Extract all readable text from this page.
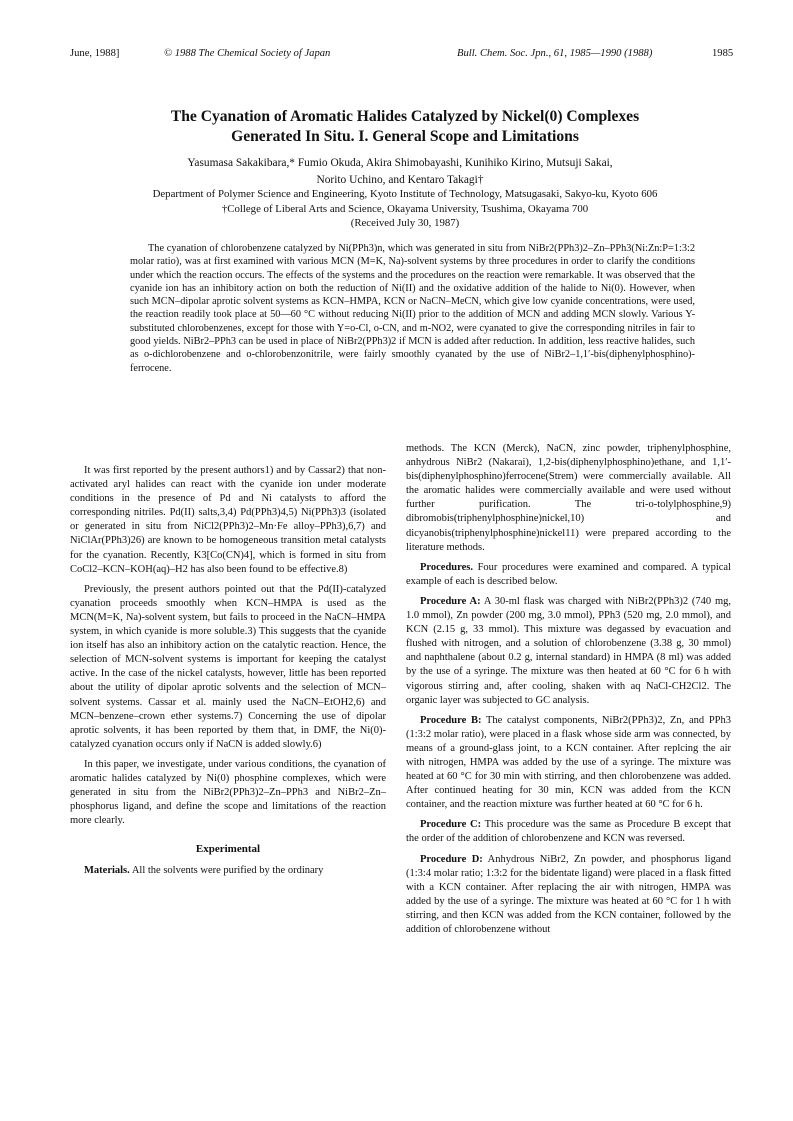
June, 1988]	© 1988 The Chemical Society of Japan	Bull. Chem. Soc. Jpn., 61, 1985—1990 (1988)	1985
The Cyanation of Aromatic Halides Catalyzed by Nickel(0) Complexes
Generated In Situ. I. General Scope and Limitations
Yasumasa Sakakibara,* Fumio Okuda, Akira Shimobayashi, Kunihiko Kirino, Mutsuji Sakai,
Norito Uchino, and Kentaro Takagi†
Department of Polymer Science and Engineering, Kyoto Institute of Technology, Matsugasaki, Sakyo-ku, Kyoto 606
†College of Liberal Arts and Science, Okayama University, Tsushima, Okayama 700
(Received July 30, 1987)

The cyanation of chlorobenzene catalyzed by Ni(PPh3)n, which was generated in situ from NiBr2(PPh3)2–Zn–PPh3(Ni:Zn:P=1:3:2 molar ratio), was at first examined with various MCN (M=K, Na)-solvent systems by three procedures in order to clarify the conditions under which the reaction occurs. The effects of the systems and the procedures on the reaction were remarkable. It was observed that the cyanide ion has an inhibitory action on both the reduction of Ni(II) and the oxidative addition of the halide to Ni(0). However, when such MCN–dipolar aprotic solvent systems as KCN–HMPA, KCN or NaCN–MeCN, which give low cyanide concentrations, were used, the reaction readily took place at 50—60 °C without reducing Ni(II) prior to the addition of MCN and adding MCN slowly. Various Y-substituted chlorobenzenes, except for those with Y=o-Cl, o-CN, and m-NO2, were cyanated to give the corresponding nitriles in fair to good yields. NiBr2–PPh3 can be used in place of NiBr2(PPh3)2 if MCN is added after reduction. In addition, less reactive halides, such as o-dichlorobenzene and o-chlorobenzonitrile, were fairly smoothly cyanated by the use of NiBr2–1,1′-bis(diphenylphosphino)-ferrocene.

It was first reported by the present authors1) and by Cassar2) that non-activated aryl halides can react with the cyanide ion under moderate conditions in the presence of Pd and Ni catalysts to afford the corresponding nitriles. Pd(II) salts,3,4) Pd(PPh3)4,5) Ni(PPh3)3 (isolated or generated in situ from NiCl2(PPh3)2–Mn·Fe alloy–PPh3),6,7) and NiClAr(PPh3)26) are known to be homogeneous transition metal catalysts for the cyanation. Recently, K3[Co(CN)4], which is formed in situ from CoCl2–KCN–KOH(aq)–H2 has also been found to be effective.8)

Previously, the present authors pointed out that the Pd(II)-catalyzed cyanation proceeds smoothly when KCN–HMPA is used as the MCN(M=K, Na)-solvent system, but fails to proceed in the NaCN–HMPA system, in which cyanide is more soluble.3) This suggests that the cyanide ion itself has also an inhibitory action on the catalytic reaction. Hence, the selection of MCN-solvent systems is important for keeping the catalyst active. In the case of the nickel catalysts, however, little has been reported about the utility of dipolar aprotic solvents and the selection of MCN–solvent systems. Cassar et al. mainly used the NaCN–EtOH2,6) and MCN–benzene–crown ether systems.7) Concerning the use of dipolar aprotic solvents, it has been reported by them that, in DMF, the Ni(0)-catalyzed cyanation occurs only if NaCN is added slowly.6)

In this paper, we investigate, under various conditions, the cyanation of aromatic halides catalyzed by Ni(0) phosphine complexes, which were generated in situ from the NiBr2(PPh3)2–Zn–PPh3 and NiBr2–Zn–phosphorus ligand, and define the scope and limitations of the reaction more clearly.

Experimental

Materials. All the solvents were purified by the ordinary

methods. The KCN (Merck), NaCN, zinc powder, triphenylphosphine, anhydrous NiBr2 (Nakarai), 1,2-bis(diphenylphosphino)ethane, and 1,1′-bis(diphenylphosphino)ferrocene(Strem) were commercially available. All the aromatic halides were commercially available and were used without further purification. The tri-o-tolylphosphine,9) dibromobis(triphenylphosphine)nickel,10) and dicyanobis(triphenylphosphine)nickel11) were prepared according to the literature methods.

Procedures. Four procedures were examined and compared. A typical example of each is described below.

Procedure A: A 30-ml flask was charged with NiBr2(PPh3)2 (740 mg, 1.0 mmol), Zn powder (200 mg, 3.0 mmol), PPh3 (520 mg, 2.0 mmol), and KCN (2.15 g, 33 mmol). This mixture was degassed by evacuation and flushed with nitrogen, and a solution of chlorobenzene (3.38 g, 30 mmol) and naphthalene (about 0.2 g, internal standard) in HMPA (8 ml) was added by the use of a syringe. The mixture was then heated at 60 °C for 6 h with vigorous stirring and, after cooling, shaken with aq NaCl-CH2Cl2. The organic layer was subjected to GC analysis.

Procedure B: The catalyst components, NiBr2(PPh3)2, Zn, and PPh3 (1:3:2 molar ratio), were placed in a flask whose side arm was connected, by means of a ground-glass joint, to a KCN container. After replcing the air with nitrogen, HMPA was added by the use of a syringe. The mixture was heated at 60 °C for 30 min with stirring, and then chlorobenzene was added. After continued heating for 30 min, KCN was added from the KCN container, and the reaction mixture was further heated at 60 °C for 6 h.

Procedure C: This procedure was the same as Procedure B except that the order of the addition of chlorobenzene and KCN was reversed.

Procedure D: Anhydrous NiBr2, Zn powder, and phosphorus ligand (1:3:4 molar ratio; 1:3:2 for the bidentate ligand) were placed in a flask fitted with a KCN container. After replacing the air with nitrogen, HMPA was added by the use of a syringe. The mixture was heated at 60 °C for 1 h with stirring, and then KCN was added from the KCN container, followed by the addition of chlorobenzene without
